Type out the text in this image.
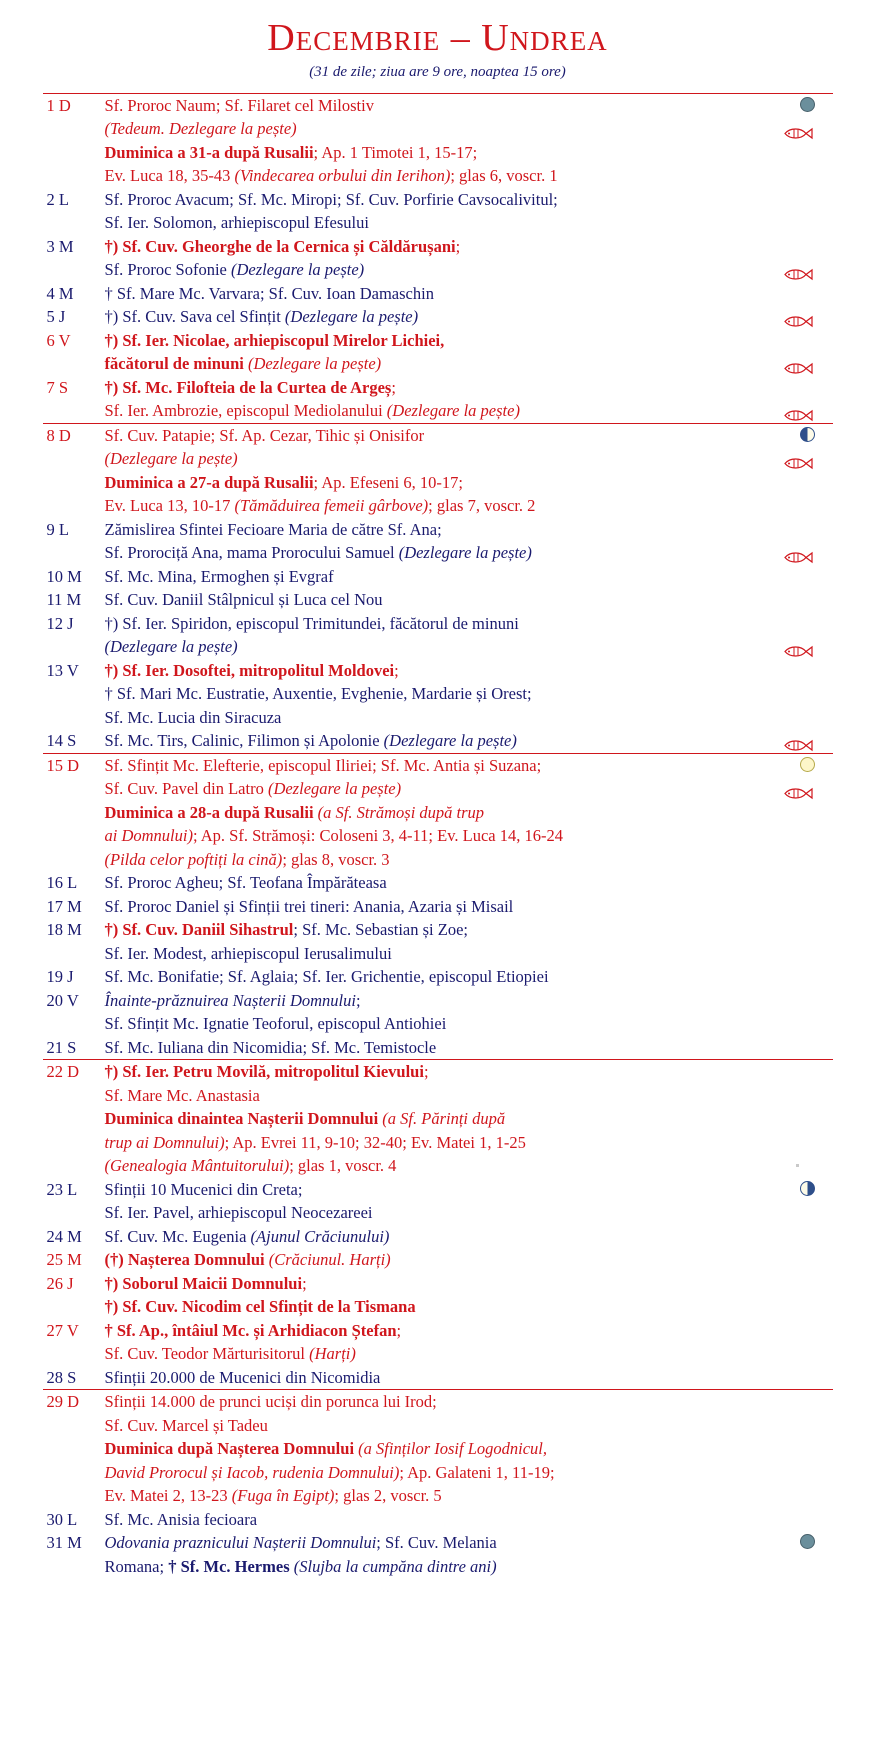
Decembrie – Undrea
(31 de zile; ziua are 9 ore, noaptea 15 ore)
1 D	Sf. Proroc Naum; Sf. Filaret cel Milostiv
(Tedeum. Dezlegare la pește)
Duminica a 31-a după Rusalii; Ap. 1 Timotei 1, 15-17;
Ev. Luca 18, 35-43 (Vindecarea orbului din Ierihon); glas 6, voscr. 1
2 L	Sf. Proroc Avacum; Sf. Mc. Miropi; Sf. Cuv. Porfirie Cavsocalivitul;
Sf. Ier. Solomon, arhiepiscopul Efesului
3 M	†) Sf. Cuv. Gheorghe de la Cernica și Căldărușani;
Sf. Proroc Sofonie (Dezlegare la pește)
4 M	† Sf. Mare Mc. Varvara; Sf. Cuv. Ioan Damaschin
5 J	†) Sf. Cuv. Sava cel Sfințit (Dezlegare la pește)
6 V	†) Sf. Ier. Nicolae, arhiepiscopul Mirelor Lichiei,
făcătorul de minuni (Dezlegare la pește)
7 S	†) Sf. Mc. Filofteia de la Curtea de Argeș;
Sf. Ier. Ambrozie, episcopul Mediolanului (Dezlegare la pește)
8 D	Sf. Cuv. Patapie; Sf. Ap. Cezar, Tihic și Onisifor
(Dezlegare la pește)
Duminica a 27-a după Rusalii; Ap. Efeseni 6, 10-17;
Ev. Luca 13, 10-17 (Tămăduirea femeii gârbove); glas 7, voscr. 2
9 L	Zămislirea Sfintei Fecioare Maria de către Sf. Ana;
Sf. Prorociță Ana, mama Prorocului Samuel (Dezlegare la pește)
10 M	Sf. Mc. Mina, Ermoghen și Evgraf
11 M	Sf. Cuv. Daniil Stâlpnicul și Luca cel Nou
12 J	†) Sf. Ier. Spiridon, episcopul Trimitundei, făcătorul de minuni
(Dezlegare la pește)
13 V	†) Sf. Ier. Dosoftei, mitropolitul Moldovei;
† Sf. Mari Mc. Eustratie, Auxentie, Evghenie, Mardarie și Orest;
Sf. Mc. Lucia din Siracuza
14 S	Sf. Mc. Tirs, Calinic, Filimon și Apolonie (Dezlegare la pește)
15 D	Sf. Sfințit Mc. Elefterie, episcopul Iliriei; Sf. Mc. Antia și Suzana;
Sf. Cuv. Pavel din Latro (Dezlegare la pește)
Duminica a 28-a după Rusalii (a Sf. Strămoși după trup
ai Domnului); Ap. Sf. Strămoși: Coloseni 3, 4-11; Ev. Luca 14, 16-24
(Pilda celor poftiți la cină); glas 8, voscr. 3
16 L	Sf. Proroc Agheu; Sf. Teofana Împărăteasa
17 M	Sf. Proroc Daniel și Sfinții trei tineri: Anania, Azaria și Misail
18 M	†) Sf. Cuv. Daniil Sihastrul; Sf. Mc. Sebastian și Zoe;
Sf. Ier. Modest, arhiepiscopul Ierusalimului
19 J	Sf. Mc. Bonifatie; Sf. Aglaia; Sf. Ier. Grichentie, episcopul Etiopiei
20 V	Înainte-prăznuirea Nașterii Domnului;
Sf. Sfințit Mc. Ignatie Teoforul, episcopul Antiohiei
21 S	Sf. Mc. Iuliana din Nicomidia; Sf. Mc. Temistocle
22 D	†) Sf. Ier. Petru Movilă, mitropolitul Kievului;
Sf. Mare Mc. Anastasia
Duminica dinaintea Nașterii Domnului (a Sf. Părinți după
trup ai Domnului); Ap. Evrei 11, 9-10; 32-40; Ev. Matei 1, 1-25
(Genealogia Mântuitorului); glas 1, voscr. 4
23 L	Sfinții 10 Mucenici din Creta;
Sf. Ier. Pavel, arhiepiscopul Neocezareei
24 M	Sf. Cuv. Mc. Eugenia (Ajunul Crăciunului)
25 M	(†) Nașterea Domnului (Crăciunul. Harți)
26 J	†) Soborul Maicii Domnului;
†) Sf. Cuv. Nicodim cel Sfințit de la Tismana
27 V	† Sf. Ap., întâiul Mc. și Arhidiacon Ștefan;
Sf. Cuv. Teodor Mărturisitorul (Harți)
28 S	Sfinții 20.000 de Mucenici din Nicomidia
29 D	Sfinții 14.000 de prunci uciși din porunca lui Irod;
Sf. Cuv. Marcel și Tadeu
Duminica după Nașterea Domnului (a Sfinților Iosif Logodnicul,
David Prorocul și Iacob, rudenia Domnului); Ap. Galateni 1, 11-19;
Ev. Matei 2, 13-23 (Fuga în Egipt); glas 2, voscr. 5
30 L	Sf. Mc. Anisia fecioara
31 M	Odovania praznicului Nașterii Domnului; Sf. Cuv. Melania
Romana; † Sf. Mc. Hermes (Slujba la cumpăna dintre ani)
